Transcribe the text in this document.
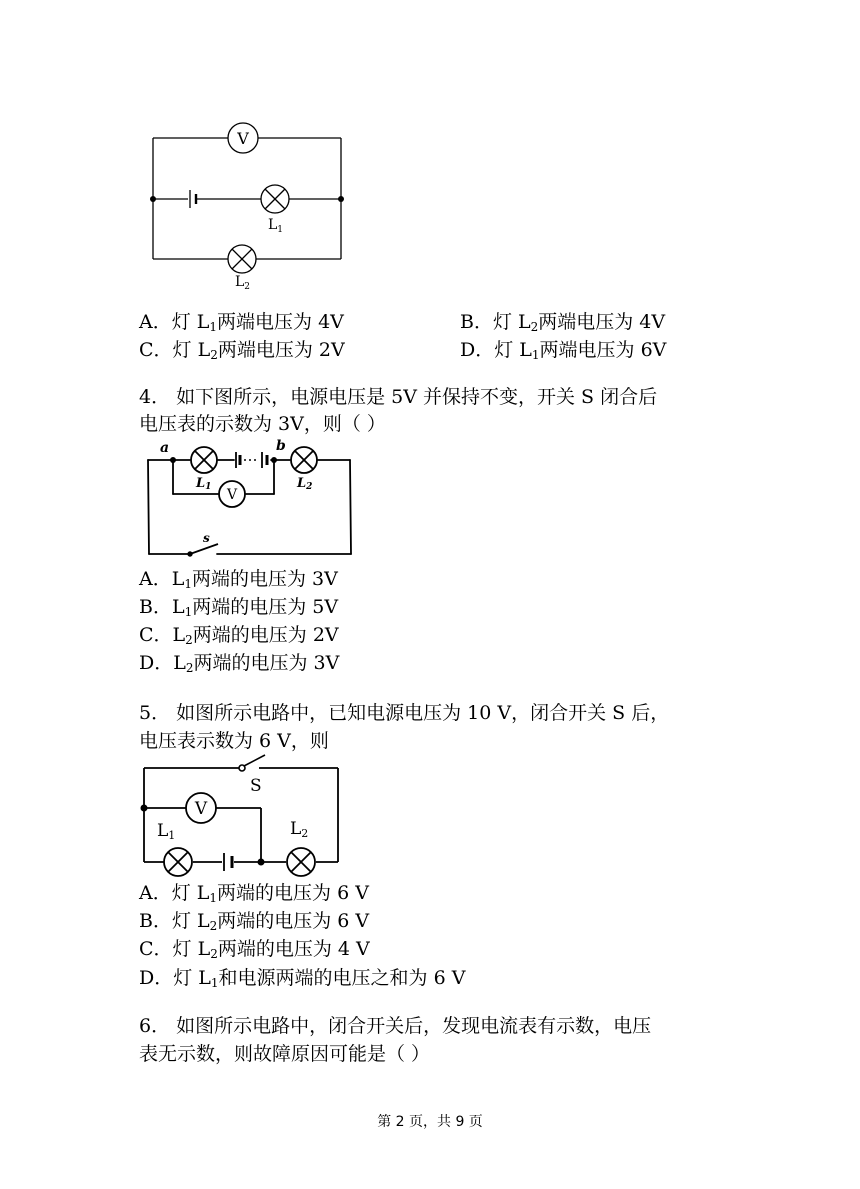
V
$L_1$
$L_2$
A．灯 $L_1$两端电压为 4V	B．灯 $L_2$两端电压为 4V
C．灯 $L_2$两端电压为 2V	D．灯 $L_1$两端电压为 6V
4． 如下图所示，电源电压是 5V 并保持不变，开关 S 闭合后
电压表的示数为 3V，则（ ）
a	b
L1	L2
V
s
A．$L_1$两端的电压为 3V
B．$L_1$两端的电压为 5V
C．$L_2$两端的电压为 2V
D．$L_2$两端的电压为 3V
5． 如图所示电路中，已知电源电压为 10 V，闭合开关 S 后，
电压表示数为 6 V，则
S
V
L1	L2
A．灯 $L_1$两端的电压为 6 V
B．灯 $L_2$两端的电压为 6 V
C．灯 $L_2$两端的电压为 4 V
D．灯 $L_1$和电源两端的电压之和为 6 V
6． 如图所示电路中，闭合开关后，发现电流表有示数，电压
表无示数，则故障原因可能是（ ）
第 2 页，共 9 页
